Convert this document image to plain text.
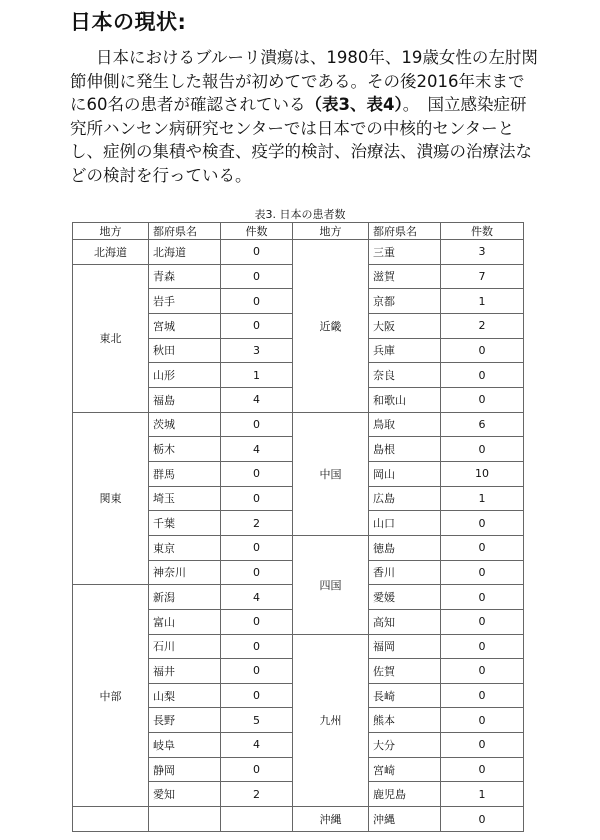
日本の現状:

日本におけるブルーリ潰瘍は、1980年、19歳女性の左肘関節伸側に発生した報告が初めてである。その後2016年末までに60名の患者が確認されている（表3、表4）。　国立感染症研究所ハンセン病研究センターでは日本での中核的センターとし、症例の集積や検査、疫学的検討、治療法、潰瘍の治療法などの検討を行っている。

表3. 日本の患者数
地方	都府県名	件数	地方	都府県名	件数
北海道	北海道	0	近畿	三重	3
東北	青森	0		滋賀	7
	岩手	0		京都	1
	宮城	0		大阪	2
	秋田	3		兵庫	0
	山形	1		奈良	0
	福島	4		和歌山	0
関東	茨城	0	中国	鳥取	6
	栃木	4		島根	0
	群馬	0		岡山	10
	埼玉	0		広島	1
	千葉	2		山口	0
	東京	0	四国	徳島	0
	神奈川	0		香川	0
中部	新潟	4		愛媛	0
	富山	0		高知	0
	石川	0	九州	福岡	0
	福井	0		佐賀	0
	山梨	0		長崎	0
	長野	5		熊本	0
	岐阜	4		大分	0
	静岡	0		宮崎	0
	愛知	2		鹿児島	1
			沖縄	沖縄	0
